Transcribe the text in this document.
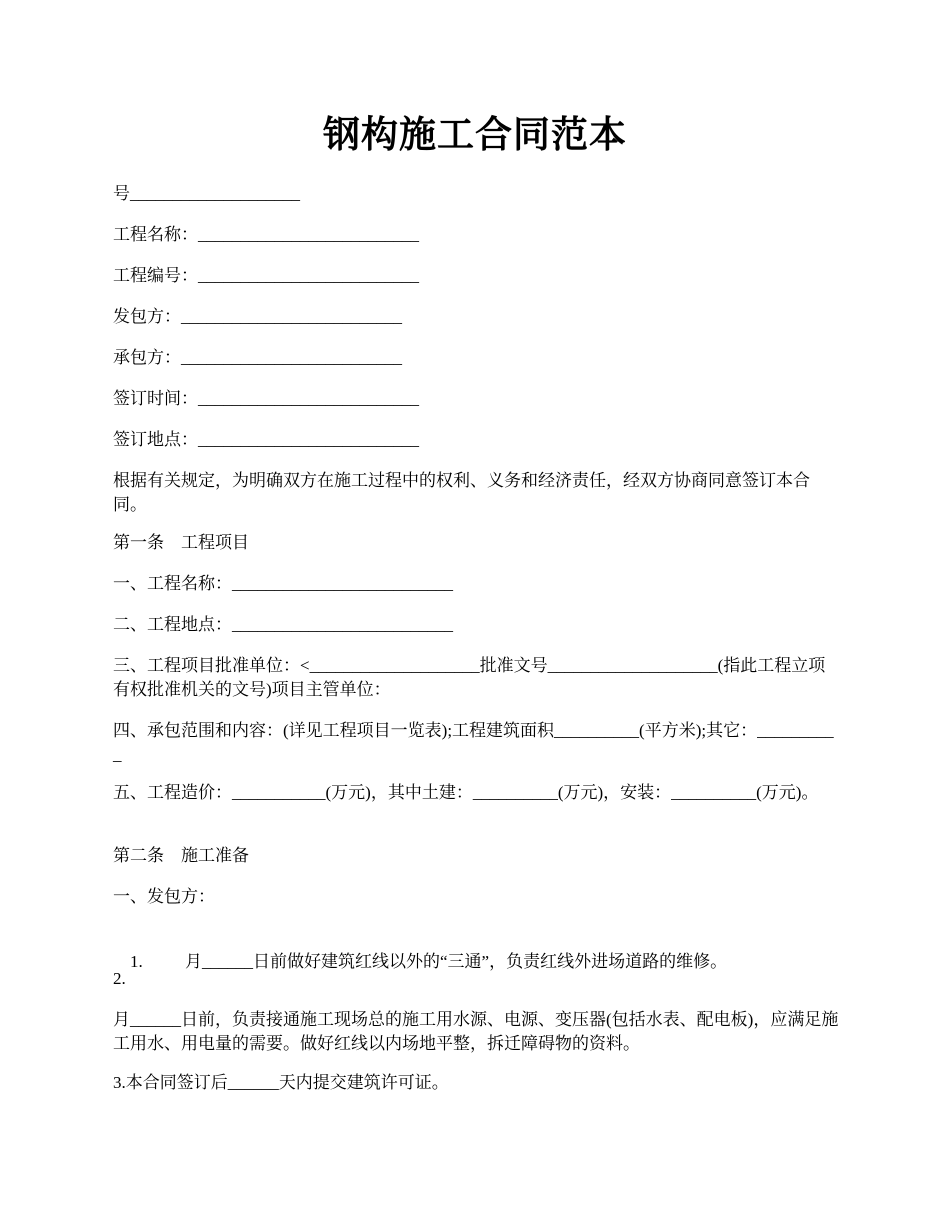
钢构施工合同范本
号____________________
工程名称：__________________________
工程编号：__________________________
发包方：__________________________
承包方：__________________________
签订时间：__________________________
签订地点：__________________________
根据有关规定，为明确双方在施工过程中的权利、义务和经济责任，经双方协商同意签订本合同。
第一条　工程项目
一、工程名称：__________________________
二、工程地点：__________________________
三、工程项目批准单位：<____________________批准文号____________________(指此工程立项有权批准机关的文号)项目主管单位：
四、承包范围和内容：(详见工程项目一览表);工程建筑面积__________(平方米);其它：__________
五、工程造价：___________(万元)，其中土建：__________(万元)，安装：__________(万元)。
第二条　施工准备
一、发包方：

1. 月______日前做好建筑红线以外的“三通”，负责红线外进场道路的维修。

2.
月______日前，负责接通施工现场总的施工用水源、电源、变压器(包括水表、配电板)，应满足施工用水、用电量的需要。做好红线以内场地平整，拆迁障碍物的资料。
3.本合同签订后______天内提交建筑许可证。
